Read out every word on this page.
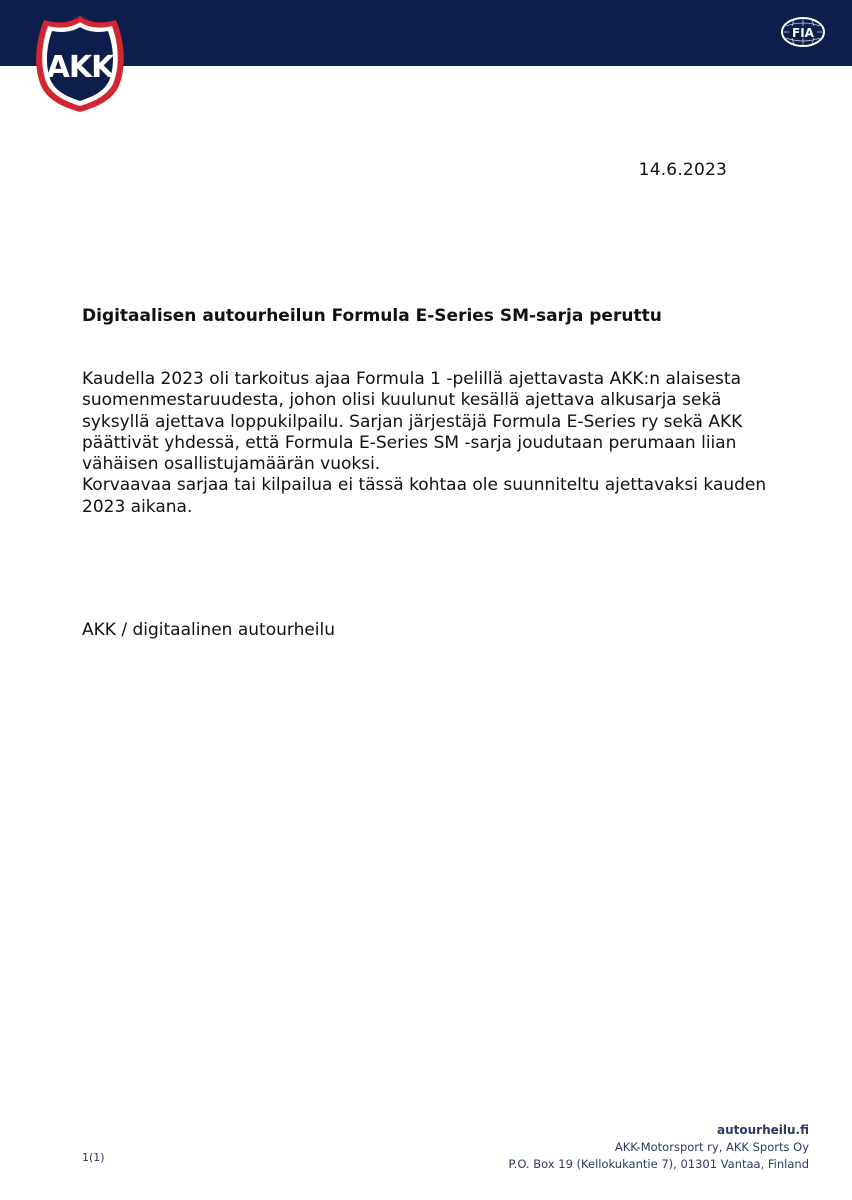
AKK
FIA
14.6.2023
Digitaalisen autourheilun Formula E-Series SM-sarja peruttu

Kaudella 2023 oli tarkoitus ajaa Formula 1 -pelillä ajettavasta AKK:n alaisesta suomenmestaruudesta, johon olisi kuulunut kesällä ajettava alkusarja sekä syksyllä ajettava loppukilpailu. Sarjan järjestäjä Formula E-Series ry sekä AKK päättivät yhdessä, että Formula E-Series SM -sarja joudutaan perumaan liian vähäisen osallistujamäärän vuoksi.

Korvaavaa sarjaa tai kilpailua ei tässä kohtaa ole suunniteltu ajettavaksi kauden 2023 aikana.

AKK / digitaalinen autourheilu
1(1)
autourheilu.fi
AKK-Motorsport ry, AKK Sports Oy
P.O. Box 19 (Kellokukantie 7), 01301 Vantaa, Finland
